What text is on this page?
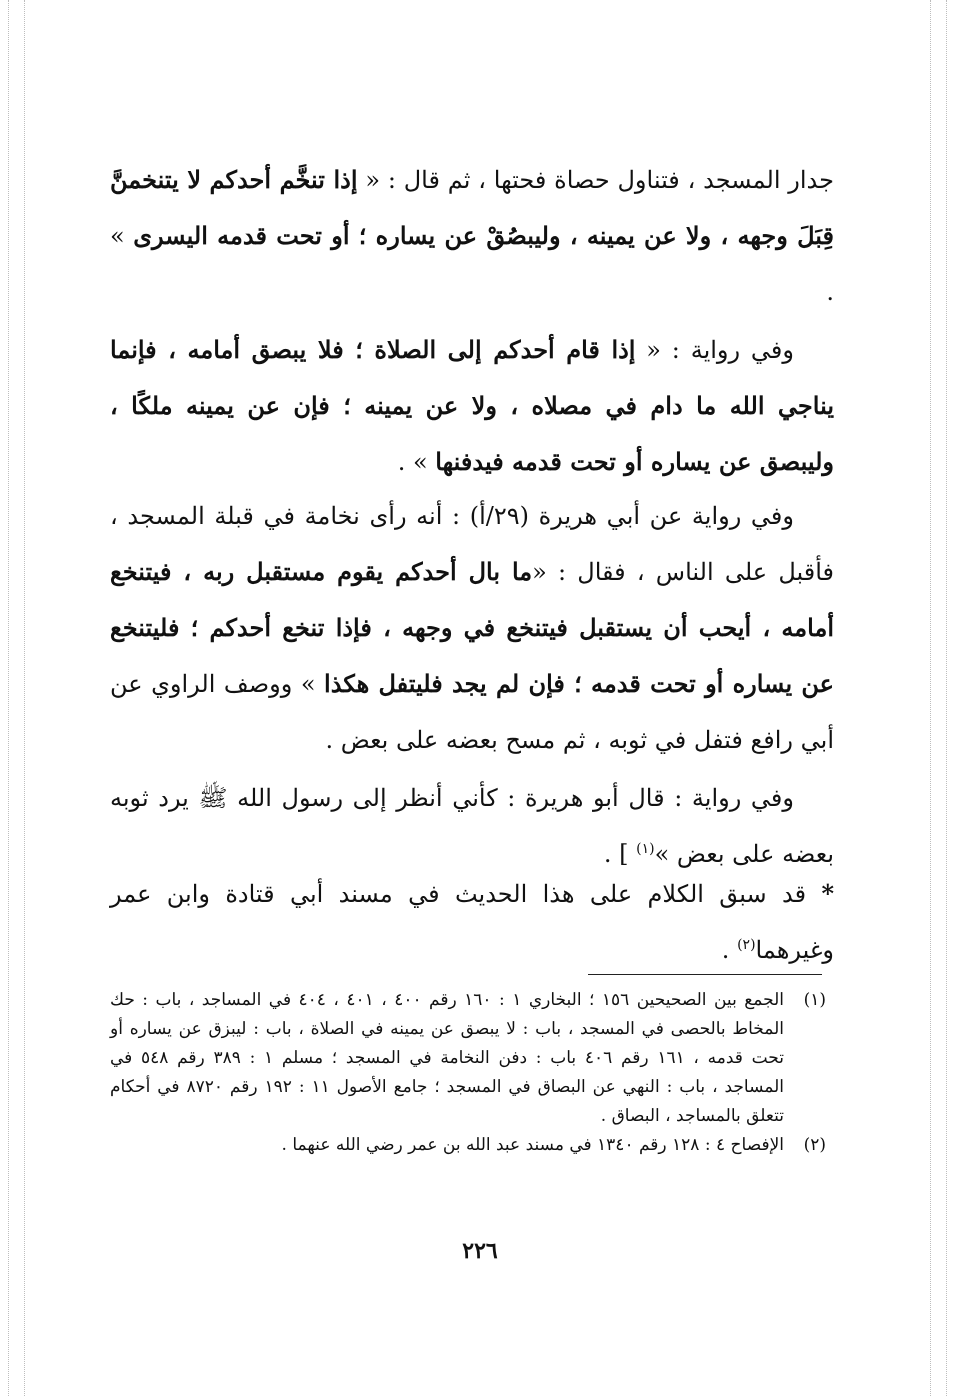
جدار المسجد ، فتناول حصاة فحتها ، ثم قال : « إذا تنخَّم أحدكم لا يتنخمنَّ قِبَلَ وجهه ، ولا عن يمينه ، وليبصُقْ عن يساره ؛ أو تحت قدمه اليسرى » .

وفي رواية : « إذا قام أحدكم إلى الصلاة ؛ فلا يبصق أمامه ، فإنما يناجي الله ما دام في مصلاه ، ولا عن يمينه ؛ فإن عن يمينه ملكًا ، وليبصق عن يساره أو تحت قدمه فيدفنها » .

وفي رواية عن أبي هريرة (٢٩/أ) : أنه رأى نخامة في قبلة المسجد ، فأقبل على الناس ، فقال : «ما بال أحدكم يقوم مستقبل ربه ، فيتنخع أمامه ، أيحب أن يستقبل فيتنخع في وجهه ، فإذا تنخع أحدكم ؛ فليتنخع عن يساره أو تحت قدمه ؛ فإن لم يجد فليتفل هكذا » ووصف الراوي عن أبي رافع فتفل في ثوبه ، ثم مسح بعضه على بعض .

وفي رواية : قال أبو هريرة : كأني أنظر إلى رسول الله ﷺ يرد ثوبه بعضه على بعض »$^{(١)}$ ] .

* قد سبق الكلام على هذا الحديث في مسند أبي قتادة وابن عمر وغيرهما$^{(٢)}$ .

(١)الجمع بين الصحيحين ١٥٦ ؛ البخاري ١ : ١٦٠ رقم ٤٠٠ ، ٤٠١ ، ٤٠٤ في المساجد ، باب : حك المخاط بالحصى في المسجد ، باب : لا يبصق عن يمينه في الصلاة ، باب : ليبزق عن يساره أو تحت قدمه ، ١٦١ رقم ٤٠٦ باب : دفن النخامة في المسجد ؛ مسلم ١ : ٣٨٩ رقم ٥٤٨ في المساجد ، باب : النهي عن البصاق في المسجد ؛ جامع الأصول ١١ : ١٩٢ رقم ٨٧٢٠ في أحكام تتعلق بالمساجد ، البصاق .

(٢)الإفصاح ٤ : ١٢٨ رقم ١٣٤٠ في مسند عبد الله بن عمر رضي الله عنهما .

٢٢٦
